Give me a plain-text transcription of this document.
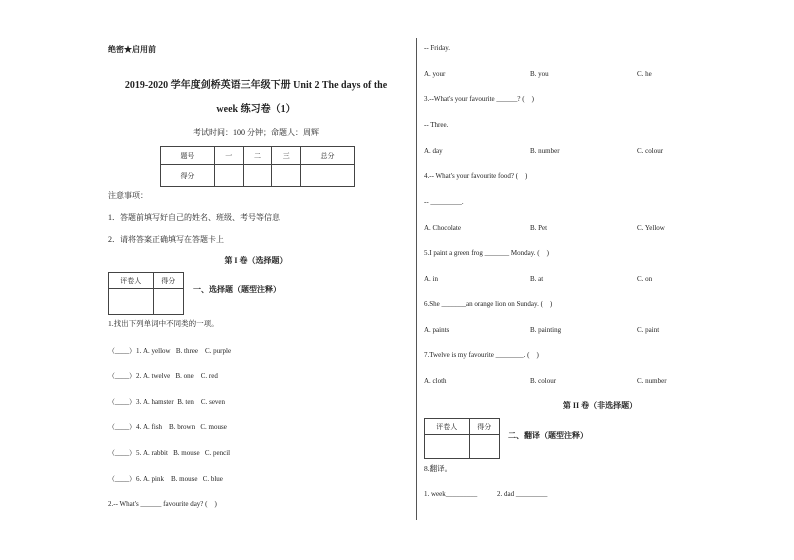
绝密★启用前
2019-2020 学年度剑桥英语三年级下册 Unit 2 The days of the
week 练习卷（1）
考试时间：100 分钟；命题人：周辉
题号	一	二	三	总分
得分				
注意事项：
1．答题前填写好自己的姓名、班级、考号等信息
2．请将答案正确填写在答题卡上
第 I 卷（选择题）
评卷人	得分

一、选择题（题型注释）
1.找出下列单词中不同类的一项。
（____）1. A. yellow   B. three    C. purple
（____）2. A. twelve   B. one    C. red
（____）3. A. hamster  B. ten    C. seven
（____）4. A. fish    B. brown   C. mouse
（____）5. A. rabbit   B. mouse   C. pencil
（____）6. A. pink    B. mouse   C. blue
2.-- What's ______ favourite day? (    )
-- Friday.
A. your	B. you	C. he
3.--What's your favourite ______? (    )
-- Three.
A. day	B. number	C. colour
4.-- What's your favourite food? (    )
-- _________.
A. Chocolate	B. Pet	C. Yellow
5.I paint a green frog _______ Monday. (    )
A. in	B. at	C. on
6.She _______an orange lion on Sunday. (    )
A. paints	B. painting	C. paint
7.Twelve is my favourite ________. (    )
A. cloth	B. colour	C. number
第 II 卷（非选择题）
评卷人	得分

二、翻译（题型注释）
8.翻译。
1. week_________	2. dad _________
